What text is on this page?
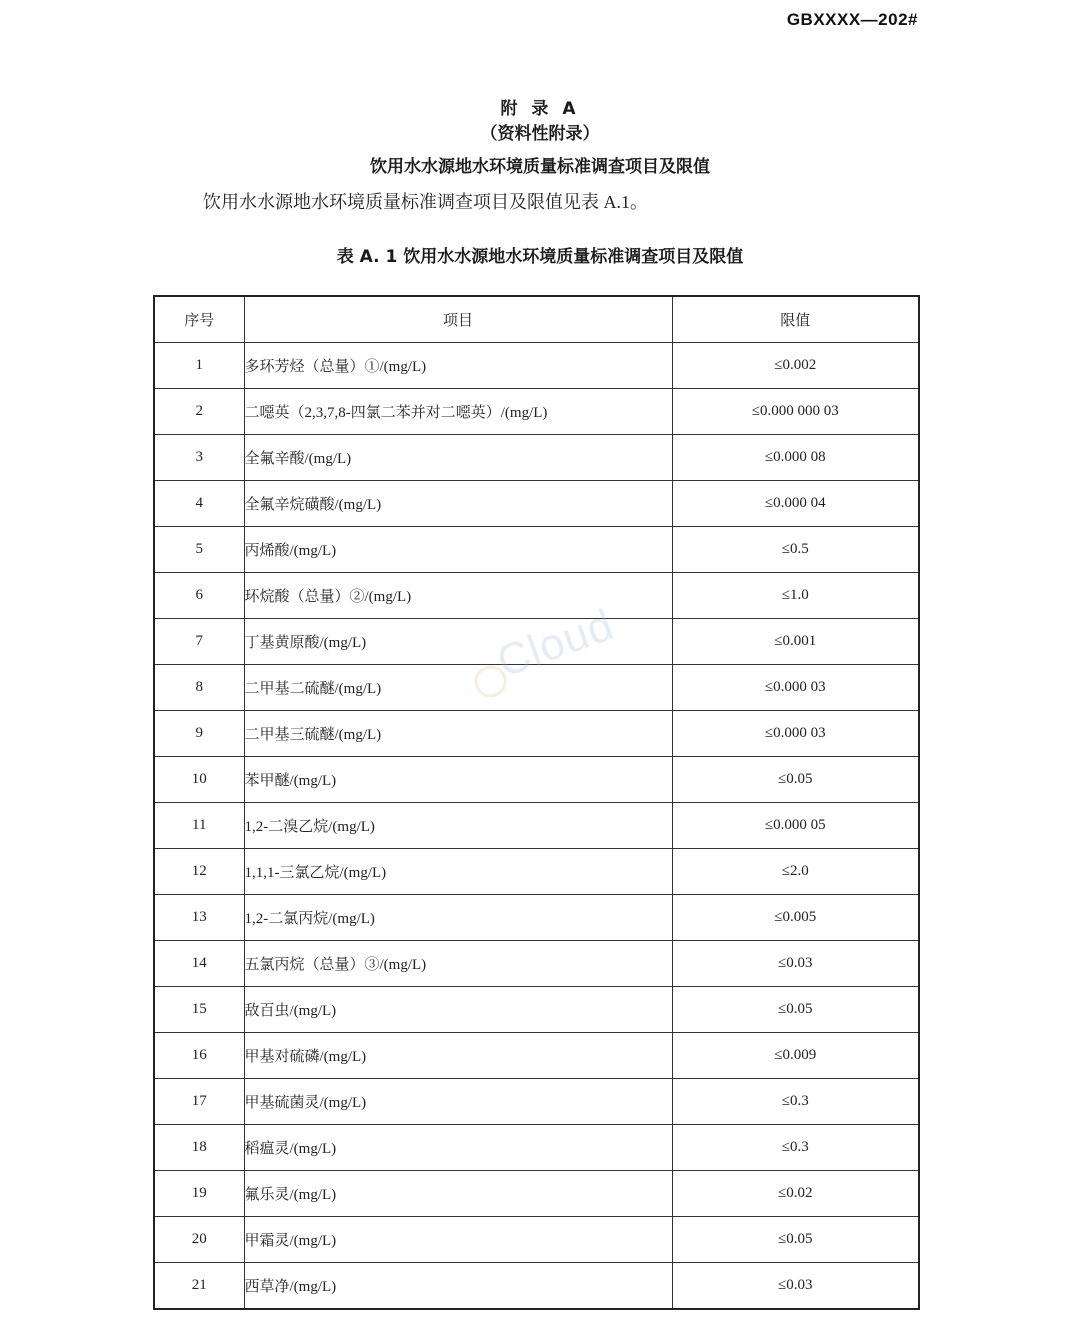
GBXXXX—202#
附 录 A
（资料性附录）
饮用水水源地水环境质量标准调查项目及限值
饮用水水源地水环境质量标准调查项目及限值见表 A.1。
表 A. 1 饮用水水源地水环境质量标准调查项目及限值
序号	项目	限值
1	多环芳烃（总量）①/(mg/L)	≤0.002
2	二噁英（2,3,7,8-四氯二苯并对二噁英）/(mg/L)	≤0.000 000 03
3	全氟辛酸/(mg/L)	≤0.000 08
4	全氟辛烷磺酸/(mg/L)	≤0.000 04
5	丙烯酸/(mg/L)	≤0.5
6	环烷酸（总量）②/(mg/L)	≤1.0
7	丁基黄原酸/(mg/L)	≤0.001
8	二甲基二硫醚/(mg/L)	≤0.000 03
9	二甲基三硫醚/(mg/L)	≤0.000 03
10	苯甲醚/(mg/L)	≤0.05
11	1,2-二溴乙烷/(mg/L)	≤0.000 05
12	1,1,1-三氯乙烷/(mg/L)	≤2.0
13	1,2-二氯丙烷/(mg/L)	≤0.005
14	五氯丙烷（总量）③/(mg/L)	≤0.03
15	敌百虫/(mg/L)	≤0.05
16	甲基对硫磷/(mg/L)	≤0.009
17	甲基硫菌灵/(mg/L)	≤0.3
18	稻瘟灵/(mg/L)	≤0.3
19	氟乐灵/(mg/L)	≤0.02
20	甲霜灵/(mg/L)	≤0.05
21	西草净/(mg/L)	≤0.03
Cloud
